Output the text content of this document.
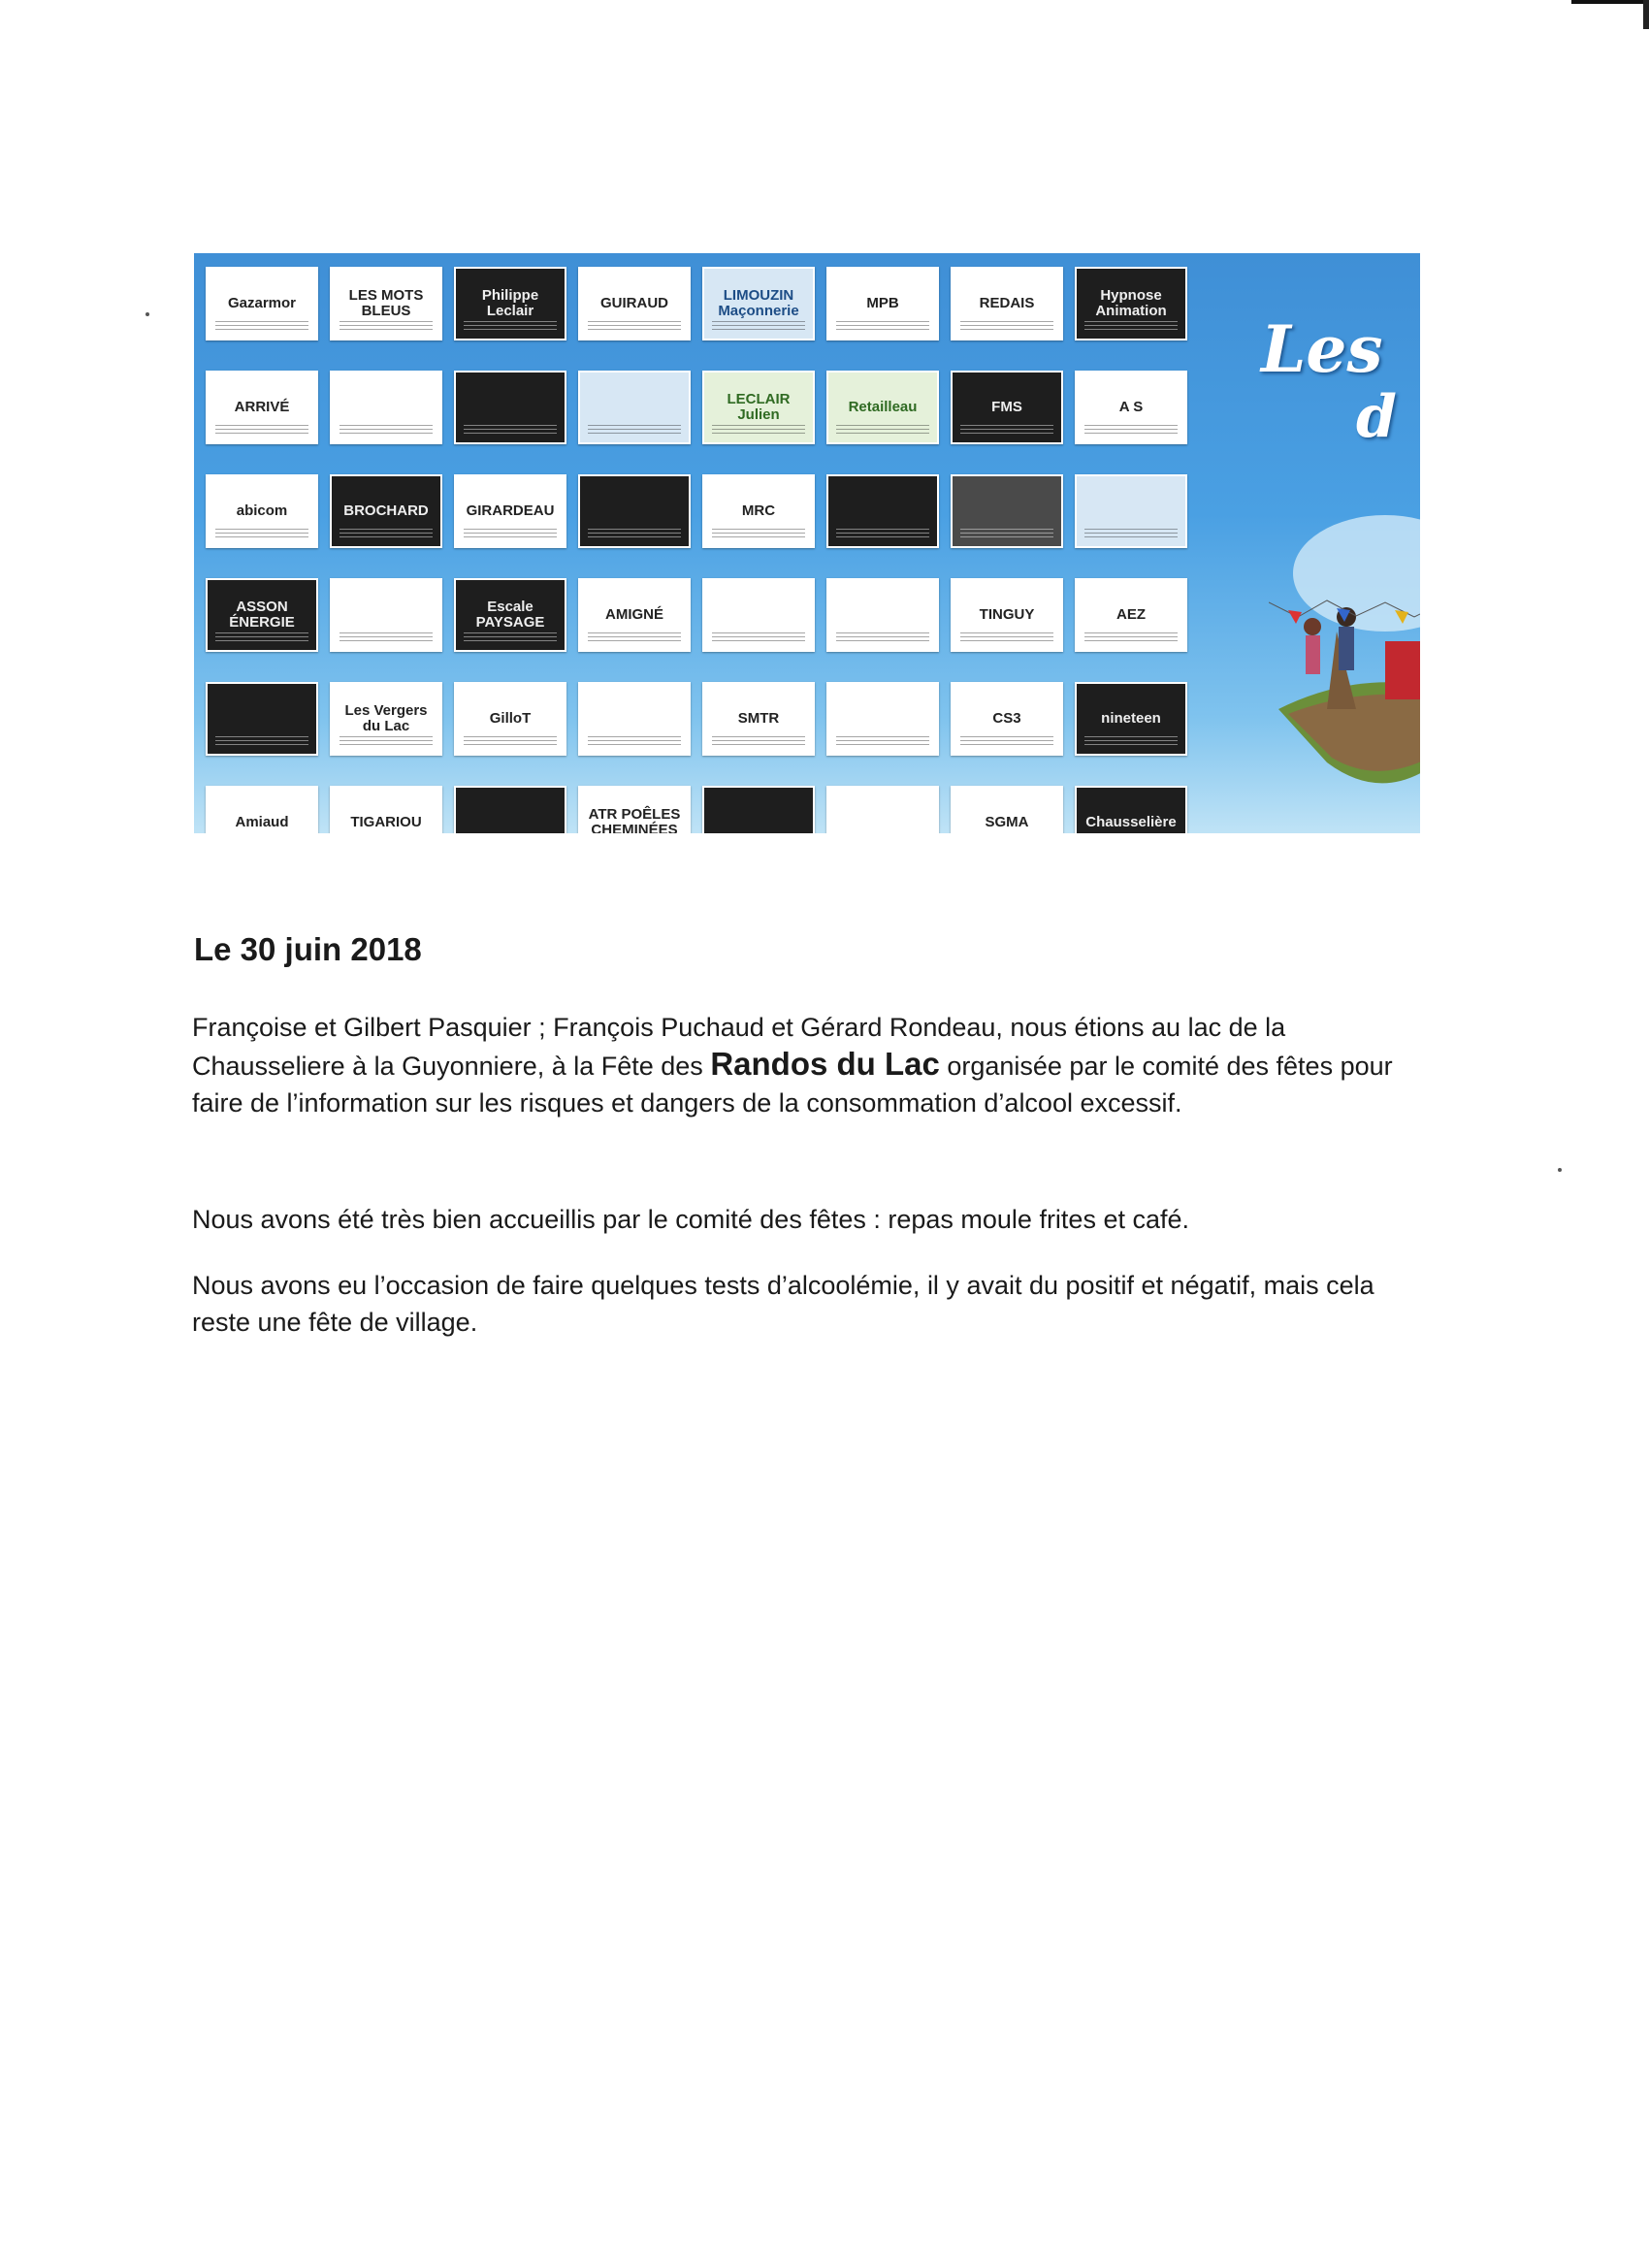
Gazarmor	LES MOTS BLEUS
Philippe Leclair	GUIRAUD	LIMOUZIN Maçonnerie	MPB	REDAIS	Hypnose Animation
ARRIVÉ	LECLAIR Julien	Retailleau	FMS	A S
abicom	BROCHARD	GIRARDEAU	MRC
ASSON ÉNERGIE
Escale PAYSAGE	AMIGNÉ	TINGUY	AEZ
Les Vergers du Lac	GilloT	SMTR	CS3	nineteen
Amiaud	TIGARIOU	ATR POÊLES CHEMINÉES	SGMA	Chausselière
Les
d
Le 30 juin 2018

Françoise et Gilbert Pasquier ; François Puchaud et Gérard Rondeau, nous étions au lac de la Chausseliere à la Guyonniere, à la Fête des Randos du Lac organisée par le comité des fêtes pour faire de l’information sur les risques et dangers de la consommation d’alcool excessif.

Nous avons été très bien accueillis par le comité des fêtes : repas moule frites et café.

Nous avons eu l’occasion de faire quelques tests d’alcoolémie, il y avait du positif et négatif, mais cela reste une fête de village.
